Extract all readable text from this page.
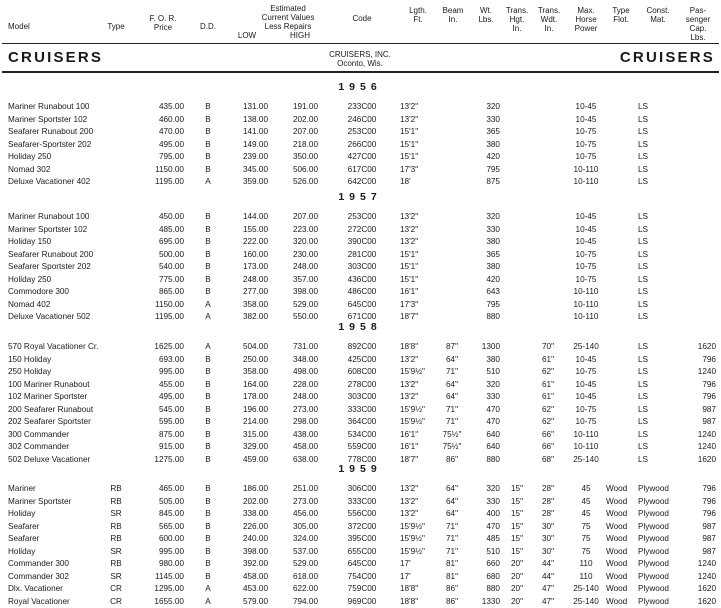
Model	Type
F. O. R.
Price	D.D.
Estimated
Current Values
Less Repairs
LOW	HIGH
Code
Lgth.
Ft.
Beam
In.
Wt.
Lbs.
Trans.
Hgt.
In.
Trans.
Wdt.
In.
Max.
Horse
Power
Type
Flot.
Const.
Mat.
Pas-
senger
Cap.
Lbs.
CRUISERS	CRUISERS, INC.
Oconto, Wis.	CRUISERS
1956
Mariner Runabout 100	435.00	B	131.00	191.00	233C00	13'2"	320	10-45	LS
Mariner Sportster 102	460.00	B	138.00	202.00	246C00	13'2"	330	10-45	LS
Seafarer Runabout 200	470.00	B	141.00	207.00	253C00	15'1"	365	10-75	LS
Seafarer-Sportster 202	495.00	B	149.00	218.00	266C00	15'1"	380	10-75	LS
Holiday 250	795.00	B	239.00	350.00	427C00	15'1"	420	10-75	LS
Nomad 302	1150.00	B	345.00	506.00	617C00	17'3"	795	10-110	LS
Deluxe Vacationer 402	1195.00	A	359.00	526.00	642C00	18'	875	10-110	LS
1957
Mariner Runabout 100	450.00	B	144.00	207.00	253C00	13'2"	320	10-45	LS
Mariner Sportster 102	485.00	B	155.00	223.00	272C00	13'2"	330	10-45	LS
Holiday 150	695.00	B	222.00	320.00	390C00	13'2"	380	10-45	LS
Seafarer Runabout 200	500.00	B	160.00	230.00	281C00	15'1"	365	10-75	LS
Seafarer Sportster 202	540.00	B	173.00	248.00	303C00	15'1"	380	10-75	LS
Holiday 250	775.00	B	248.00	357.00	436C00	15'1"	420	10-75	LS
Commodore 300	865.00	B	277.00	398.00	486C00	16'1"	643	10-110	LS
Nomad 402	1150.00	A	358.00	529.00	645C00	17'3"	795	10-110	LS
Deluxe Vacationer 502	1195.00	A	382.00	550.00	671C00	18'7"	880	10-110	LS
1958
570 Royal Vacationer Cr.	1625.00	A	504.00	731.00	892C00	18'8"	87"	1300	70"	25-140	LS	1620
150 Holiday	693.00	B	250.00	348.00	425C00	13'2"	64"	380	61"	10-45	LS	796
250 Holiday	995.00	B	358.00	498.00	608C00	15'9½"	71"	510	62"	10-75	LS	1240
100 Mariner Runabout	455.00	B	164.00	228.00	278C00	13'2"	64"	320	61"	10-45	LS	796
102 Mariner Sportster	495.00	B	178.00	248.00	303C00	13'2"	64"	330	61"	10-45	LS	796
200 Seafarer Runabout	545.00	B	196.00	273.00	333C00	15'9½"	71"	470	62"	10-75	LS	987
202 Seafarer Sportster	595.00	B	214.00	298.00	364C00	15'9½"	71"	470	62"	10-75	LS	987
300 Commander	875.00	B	315.00	438.00	534C00	16'1"	75½"	640	66"	10-110	LS	1240
302 Commander	915.00	B	329.00	458.00	559C00	16'1"	75½"	640	66"	10-110	LS	1240
502 Deluxe Vacationer	1275.00	B	459.00	638.00	778C00	18'7"	86"	880	68"	25-140	LS	1620
1959
Mariner	RB	465.00	B	186.00	251.00	306C00	13'2"	64"	320	15"	28"	45	Wood	Plywood	796
Mariner Sportster	RB	505.00	B	202.00	273.00	333C00	13'2"	64"	330	15"	28"	45	Wood	Plywood	796
Holiday	SR	845.00	B	338.00	456.00	556C00	13'2"	64"	400	15"	28"	45	Wood	Plywood	796
Seafarer	RB	565.00	B	226.00	305.00	372C00	15'9½"	71"	470	15"	30"	75	Wood	Plywood	987
Seafarer	RB	600.00	B	240.00	324.00	395C00	15'9½"	71"	485	15"	30"	75	Wood	Plywood	987
Holiday	SR	995.00	B	398.00	537.00	655C00	15'9½"	71"	510	15"	30"	75	Wood	Plywood	987
Commander 300	RB	980.00	B	392.00	529.00	645C00	17'	81"	660	20"	44"	110	Wood	Plywood	1240
Commander 302	SR	1145.00	B	458.00	618.00	754C00	17'	81"	680	20"	44"	110	Wood	Plywood	1240
Dlx. Vacationer	CR	1295.00	A	453.00	622.00	759C00	18'8"	86"	880	20"	47"	25-140 Wood	Plywood	1620
Royal Vacationer	CR	1655.00	A	579.00	794.00	969C00	18'8"	86"	1330	20"	47"	25-140 Wood	Plywood	1620
